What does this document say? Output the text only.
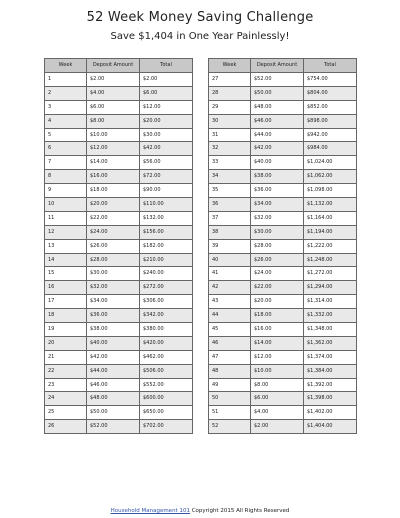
52 Week Money Saving Challenge
Save $1,404 in One Year Painlessly!
Week	Deposit Amount	Total
1	$2.00	$2.00
2	$4.00	$6.00
3	$6.00	$12.00
4	$8.00	$20.00
5	$10.00	$30.00
6	$12.00	$42.00
7	$14.00	$56.00
8	$16.00	$72.00
9	$18.00	$90.00
10	$20.00	$110.00
11	$22.00	$132.00
12	$24.00	$156.00
13	$26.00	$182.00
14	$28.00	$210.00
15	$30.00	$240.00
16	$32.00	$272.00
17	$34.00	$306.00
18	$36.00	$342.00
19	$38.00	$380.00
20	$40.00	$420.00
21	$42.00	$462.00
22	$44.00	$506.00
23	$46.00	$552.00
24	$48.00	$600.00
25	$50.00	$650.00
26	$52.00	$702.00
Week	Deposit Amount	Total
27	$52.00	$754.00
28	$50.00	$804.00
29	$48.00	$852.00
30	$46.00	$898.00
31	$44.00	$942.00
32	$42.00	$984.00
33	$40.00	$1,024.00
34	$38.00	$1,062.00
35	$36.00	$1,098.00
36	$34.00	$1,132.00
37	$32.00	$1,164.00
38	$30.00	$1,194.00
39	$28.00	$1,222.00
40	$26.00	$1,248.00
41	$24.00	$1,272.00
42	$22.00	$1,294.00
43	$20.00	$1,314.00
44	$18.00	$1,332.00
45	$16.00	$1,348.00
46	$14.00	$1,362.00
47	$12.00	$1,374.00
48	$10.00	$1,384.00
49	$8.00	$1,392.00
50	$6.00	$1,398.00
51	$4.00	$1,402.00
52	$2.00	$1,404.00
Household Management 101 Copyright 2015 All Rights Reserved
